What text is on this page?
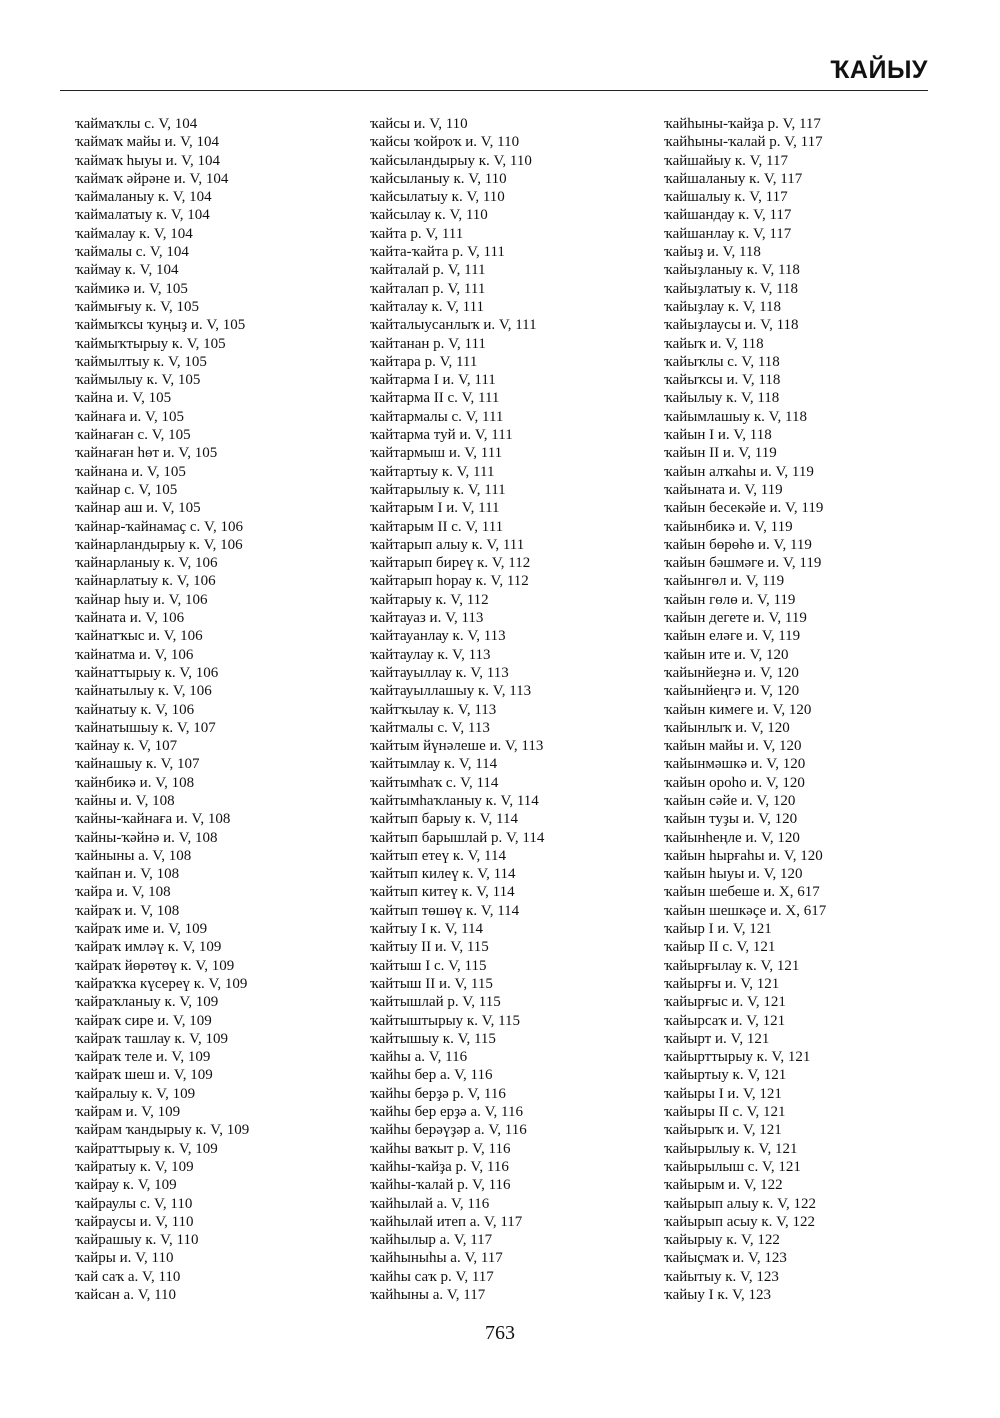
ҠАЙЫУ
ҡаймаҡлы с. V, 104
ҡаймаҡ майы и. V, 104
ҡаймаҡ һыуы и. V, 104
ҡаймаҡ әйрәне и. V, 104
ҡаймаланыу к. V, 104
ҡаймалатыу к. V, 104
ҡаймалау к. V, 104
ҡаймалы с. V, 104
ҡаймау к. V, 104
ҡаймикә и. V, 105
ҡаймығыу к. V, 105
ҡаймыҡсы ҡуңыҙ и. V, 105
ҡаймыҡтырыу к. V, 105
ҡаймылтыу к. V, 105
ҡаймылыу к. V, 105
ҡайна и. V, 105
ҡайнаға и. V, 105
ҡайнаған с. V, 105
ҡайнаған һөт и. V, 105
ҡайнана и. V, 105
ҡайнар с. V, 105
ҡайнар аш и. V, 105
ҡайнар-ҡайнамаҫ с. V, 106
ҡайнарландырыу к. V, 106
ҡайнарланыу к. V, 106
ҡайнарлатыу к. V, 106
ҡайнар һыу и. V, 106
ҡайната и. V, 106
ҡайнатҡыс и. V, 106
ҡайнатма и. V, 106
ҡайнаттырыу к. V, 106
ҡайнатылыу к. V, 106
ҡайнатыу к. V, 106
ҡайнатышыу к. V, 107
ҡайнау к. V, 107
ҡайнашыу к. V, 107
ҡайнбикә и. V, 108
ҡайны и. V, 108
ҡайны-ҡайнаға и. V, 108
ҡайны-ҡәйнә и. V, 108
ҡайныны а. V, 108
ҡайпан и. V, 108
ҡайра и. V, 108
ҡайраҡ и. V, 108
ҡайраҡ име и. V, 109
ҡайраҡ имләү к. V, 109
ҡайраҡ йөрөтөү к. V, 109
ҡайраҡҡа күсереү к. V, 109
ҡайраҡланыу к. V, 109
ҡайраҡ сире и. V, 109
ҡайраҡ ташлау к. V, 109
ҡайраҡ теле и. V, 109
ҡайраҡ шеш и. V, 109
ҡайралыу к. V, 109
ҡайрам и. V, 109
ҡайрам ҡандырыу к. V, 109
ҡайраттырыу к. V, 109
ҡайратыу к. V, 109
ҡайрау к. V, 109
ҡайраулы с. V, 110
ҡайраусы и. V, 110
ҡайрашыу к. V, 110
ҡайры и. V, 110
ҡай саҡ а. V, 110
ҡайсан а. V, 110
ҡайсы и. V, 110
ҡайсы ҡойроҡ и. V, 110
ҡайсыландырыу к. V, 110
ҡайсыланыу к. V, 110
ҡайсылатыу к. V, 110
ҡайсылау к. V, 110
ҡайта р. V, 111
ҡайта-ҡайта р. V, 111
ҡайталай р. V, 111
ҡайталап р. V, 111
ҡайталау к. V, 111
ҡайталыусанлыҡ и. V, 111
ҡайтанан р. V, 111
ҡайтара р. V, 111
ҡайтарма I и. V, 111
ҡайтарма II с. V, 111
ҡайтармалы с. V, 111
ҡайтарма туй и. V, 111
ҡайтармыш и. V, 111
ҡайтартыу к. V, 111
ҡайтарылыу к. V, 111
ҡайтарым I и. V, 111
ҡайтарым II с. V, 111
ҡайтарып алыу к. V, 111
ҡайтарып биреү к. V, 112
ҡайтарып һорау к. V, 112
ҡайтарыу к. V, 112
ҡайтауаз и. V, 113
ҡайтауанлау к. V, 113
ҡайтаулау к. V, 113
ҡайтауыллау к. V, 113
ҡайтауыллашыу к. V, 113
ҡайтҡылау к. V, 113
ҡайтмалы с. V, 113
ҡайтым йүнәлеше и. V, 113
ҡайтымлау к. V, 114
ҡайтымһаҡ с. V, 114
ҡайтымһаҡланыу к. V, 114
ҡайтып барыу к. V, 114
ҡайтып барышлай р. V, 114
ҡайтып етеү к. V, 114
ҡайтып килеү к. V, 114
ҡайтып китеү к. V, 114
ҡайтып төшөү к. V, 114
ҡайтыу I к. V, 114
ҡайтыу II и. V, 115
ҡайтыш I с. V, 115
ҡайтыш II и. V, 115
ҡайтышлай р. V, 115
ҡайтыштырыу к. V, 115
ҡайтышыу к. V, 115
ҡайһы а. V, 116
ҡайһы бер а. V, 116
ҡайһы берҙә р. V, 116
ҡайһы бер ерҙә а. V, 116
ҡайһы берәүҙәр а. V, 116
ҡайһы ваҡыт р. V, 116
ҡайһы-ҡайҙа р. V, 116
ҡайһы-ҡалай р. V, 116
ҡайһылай а. V, 116
ҡайһылай итеп а. V, 117
ҡайһылыр а. V, 117
ҡайһыныһы а. V, 117
ҡайһы саҡ р. V, 117
ҡайһыны а. V, 117
ҡайһыны-ҡайҙа р. V, 117
ҡайһыны-ҡалай р. V, 117
ҡайшайыу к. V, 117
ҡайшаланыу к. V, 117
ҡайшалыу к. V, 117
ҡайшандау к. V, 117
ҡайшанлау к. V, 117
ҡайыҙ и. V, 118
ҡайыҙланыу к. V, 118
ҡайыҙлатыу к. V, 118
ҡайыҙлау к. V, 118
ҡайыҙлаусы и. V, 118
ҡайыҡ и. V, 118
ҡайыҡлы с. V, 118
ҡайыҡсы и. V, 118
ҡайылыу к. V, 118
ҡайымлашыу к. V, 118
ҡайын I и. V, 118
ҡайын II и. V, 119
ҡайын алҡаһы и. V, 119
ҡайыната и. V, 119
ҡайын бесекәйе и. V, 119
ҡайынбикә и. V, 119
ҡайын бөрөһө и. V, 119
ҡайын бәшмәге и. V, 119
ҡайынгөл и. V, 119
ҡайын гөлө и. V, 119
ҡайын дегете и. V, 119
ҡайын еләге и. V, 119
ҡайын ите и. V, 120
ҡайынйеҙнә и. V, 120
ҡайынйеңгә и. V, 120
ҡайын кимеге и. V, 120
ҡайынлыҡ и. V, 120
ҡайын майы и. V, 120
ҡайынмәшкә и. V, 120
ҡайын ороһо и. V, 120
ҡайын сәйе и. V, 120
ҡайын туҙы и. V, 120
ҡайынһеңле и. V, 120
ҡайын һырғаһы и. V, 120
ҡайын һыуы и. V, 120
ҡайын шебеше и. X, 617
ҡайын шешкәҫе и. X, 617
ҡайыр I и. V, 121
ҡайыр II с. V, 121
ҡайырғылау к. V, 121
ҡайырғы и. V, 121
ҡайырғыс и. V, 121
ҡайырсаҡ и. V, 121
ҡайырт и. V, 121
ҡайырттырыу к. V, 121
ҡайыртыу к. V, 121
ҡайыры I и. V, 121
ҡайыры II с. V, 121
ҡайырыҡ и. V, 121
ҡайырылыу к. V, 121
ҡайырылыш с. V, 121
ҡайырым и. V, 122
ҡайырып алыу к. V, 122
ҡайырып асыу к. V, 122
ҡайырыу к. V, 122
ҡайыҫмаҡ и. V, 123
ҡайытыу к. V, 123
ҡайыу I к. V, 123
763
